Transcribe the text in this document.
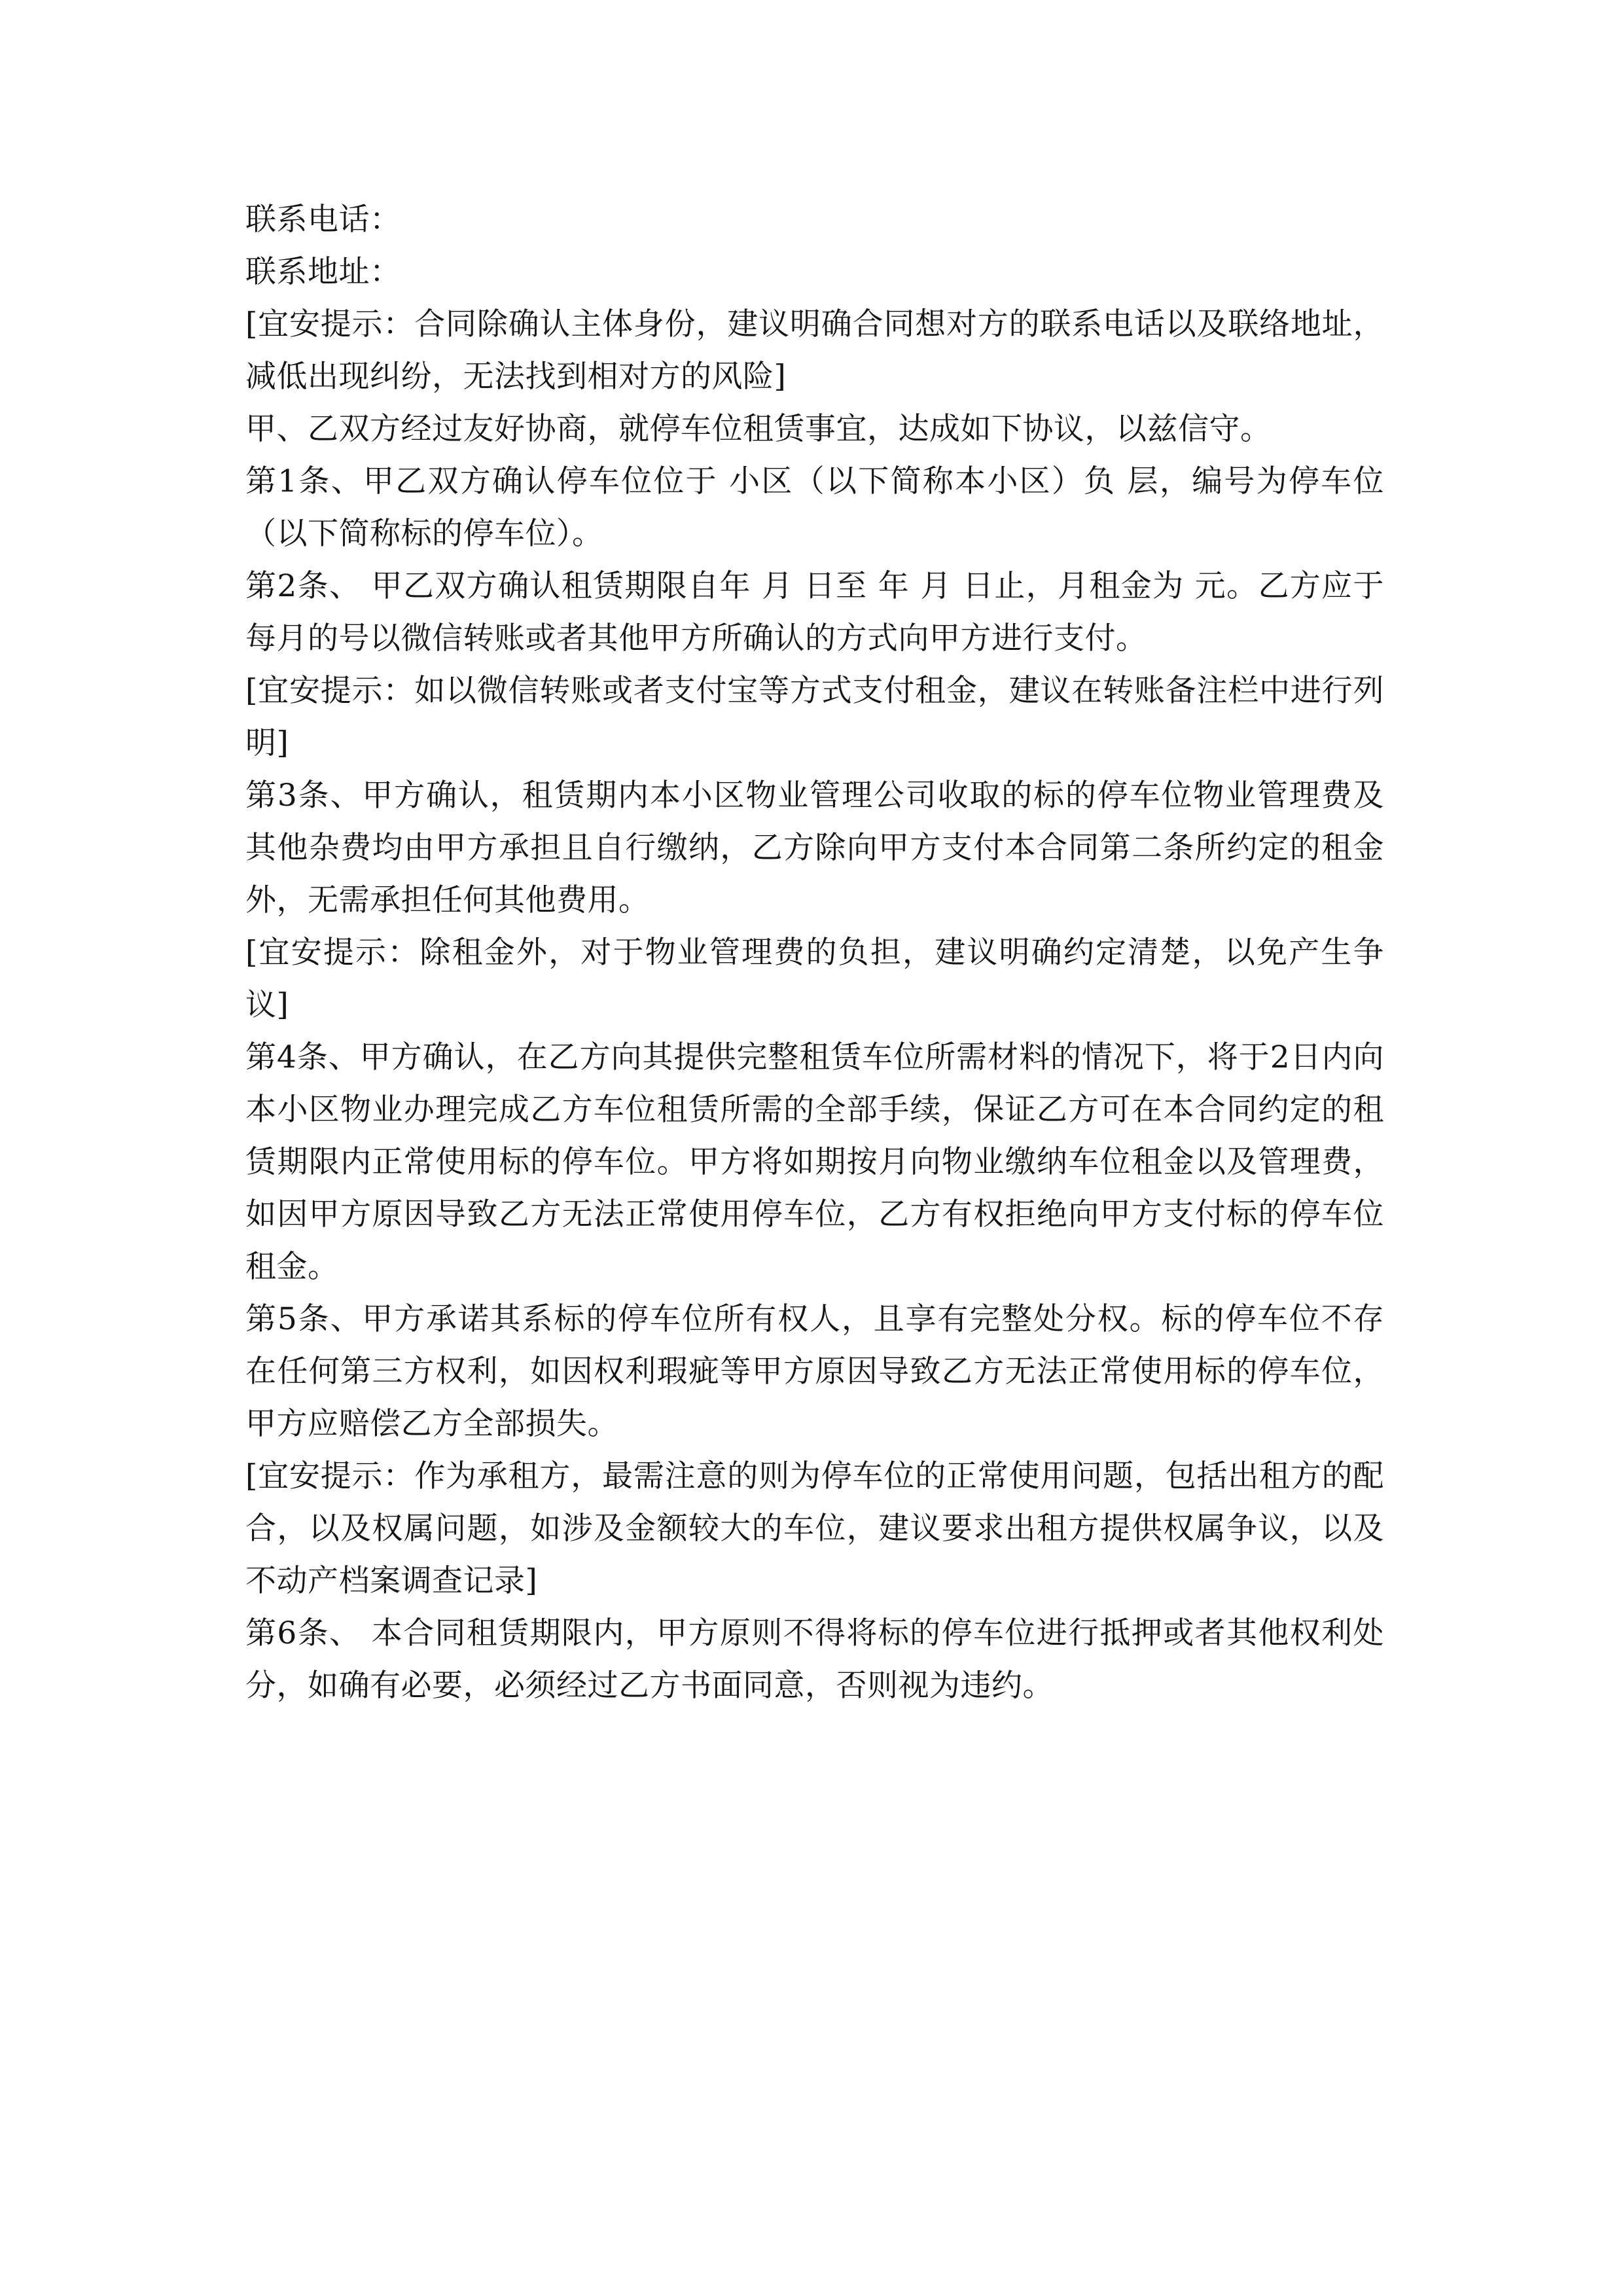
联系电话：

联系地址：

[宜安提示：合同除确认主体身份，建议明确合同想对方的联系电话以及联络地址，减低出现纠纷，无法找到相对方的风险]

甲、乙双方经过友好协商，就停车位租赁事宜，达成如下协议，以兹信守。

第1条、甲乙双方确认停车位位于 小区（以下简称本小区）负 层，编号为停车位（以下简称标的停车位）。

第2条、 甲乙双方确认租赁期限自年 月 日至 年 月 日止，月租金为 元。乙方应于每月的号以微信转账或者其他甲方所确认的方式向甲方进行支付。

[宜安提示：如以微信转账或者支付宝等方式支付租金，建议在转账备注栏中进行列明]

第3条、甲方确认，租赁期内本小区物业管理公司收取的标的停车位物业管理费及其他杂费均由甲方承担且自行缴纳，乙方除向甲方支付本合同第二条所约定的租金外，无需承担任何其他费用。

[宜安提示：除租金外，对于物业管理费的负担，建议明确约定清楚，以免产生争议]

第4条、甲方确认，在乙方向其提供完整租赁车位所需材料的情况下，将于2日内向本小区物业办理完成乙方车位租赁所需的全部手续，保证乙方可在本合同约定的租赁期限内正常使用标的停车位。甲方将如期按月向物业缴纳车位租金以及管理费，如因甲方原因导致乙方无法正常使用停车位，乙方有权拒绝向甲方支付标的停车位租金。

第5条、甲方承诺其系标的停车位所有权人，且享有完整处分权。标的停车位不存在任何第三方权利，如因权利瑕疵等甲方原因导致乙方无法正常使用标的停车位，甲方应赔偿乙方全部损失。

[宜安提示：作为承租方，最需注意的则为停车位的正常使用问题，包括出租方的配合，以及权属问题，如涉及金额较大的车位，建议要求出租方提供权属争议，以及不动产档案调查记录]

第6条、 本合同租赁期限内，甲方原则不得将标的停车位进行抵押或者其他权利处分，如确有必要，必须经过乙方书面同意，否则视为违约。
